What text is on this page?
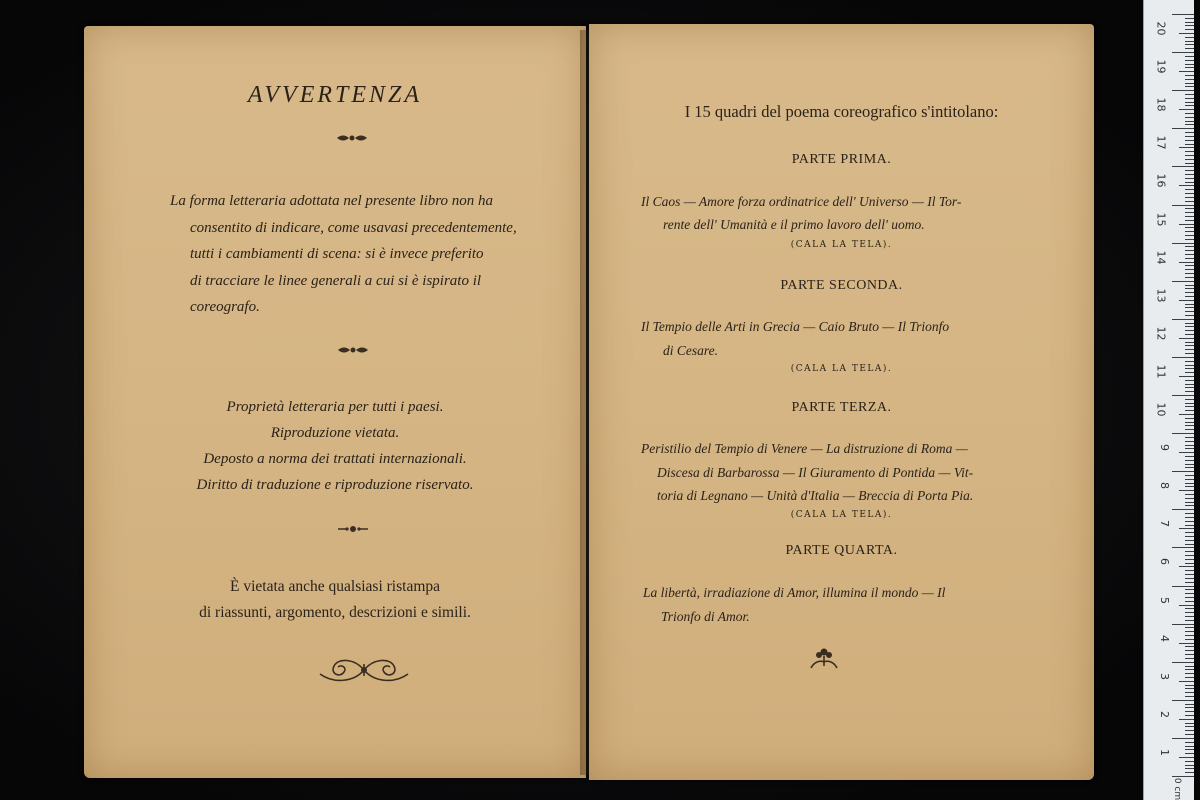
AVVERTENZA
La forma letteraria adottata nel presente libro non ha
consentito di indicare, come usavasi precedentemente,
tutti i cambiamenti di scena: si è invece preferito
di tracciare le linee generali a cui si è ispirato il
coreografo.
Proprietà letteraria per tutti i paesi.
Riproduzione vietata.
Deposto a norma dei trattati internazionali.
Diritto di traduzione e riproduzione riservato.
È vietata anche qualsiasi ristampa
di riassunti, argomento, descrizioni e simili.
I 15 quadri del poema coreografico s'intitolano:
PARTE PRIMA.
Il Caos — Amore forza ordinatrice dell' Universo — Il Tor-
rente dell' Umanità e il primo lavoro dell' uomo.
(CALA LA TELA).
PARTE SECONDA.
Il Tempio delle Arti in Grecia — Caio Bruto — Il Trionfo
di Cesare.
(CALA LA TELA).
PARTE TERZA.
Peristilio del Tempio di Venere — La distruzione di Roma —
Discesa di Barbarossa — Il Giuramento di Pontida — Vit-
toria di Legnano — Unità d'Italia — Breccia di Porta Pia.
(CALA LA TELA).
PARTE QUARTA.
La libertà, irradiazione di Amor, illumina il mondo — Il
Trionfo di Amor.
1
2
3
4
5
6
7
8
9
10
11
12
13
14
15
16
17
18
19
20
0 cm
